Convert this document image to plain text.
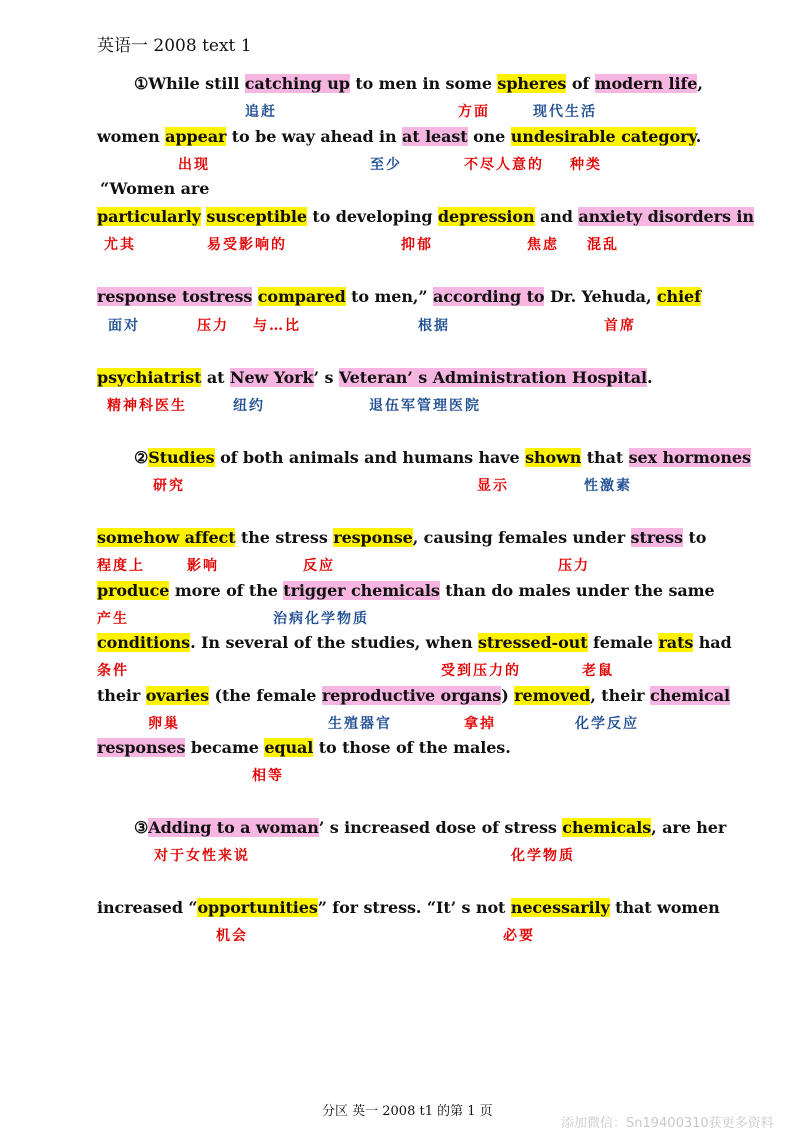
英语一 2008 text 1
①While still catching up to men in some spheres of modern life,
追赶	方面	现代生活
women appear to be way ahead in at least one undesirable category.
出现	至少	不尽人意的 种类
“Women are
particularly susceptible to developing depression and anxiety disorders in
尤其	易受影响的	抑郁	焦虑 混乱
response tostress compared to men,” according to Dr. Yehuda, chief
面对	压力 与…比	根据	首席
psychiatrist at New York’ s Veteran’ s Administration Hospital.
精神科医生	纽约	退伍军管理医院
②Studies of both animals and humans have shown that sex hormones
研究	显示	性激素
somehow affect the stress response, causing females under stress to
程度上	影响	反应	压力
produce more of the trigger chemicals than do males under the same
产生	治病化学物质
conditions. In several of the studies, when stressed-out female rats had
条件	受到压力的	老鼠
their ovaries (the female reproductive organs) removed, their chemical
卵巢	生殖器官	拿掉	化学反应
responses became equal to those of the males.
相等
③Adding to a woman’ s increased dose of stress chemicals, are her
对于女性来说	化学物质
increased “opportunities” for stress. “It’ s not necessarily that women
机会	必要
分区 英一 2008 t1 的第 1 页
添加微信：Sn19400310获更多资料
